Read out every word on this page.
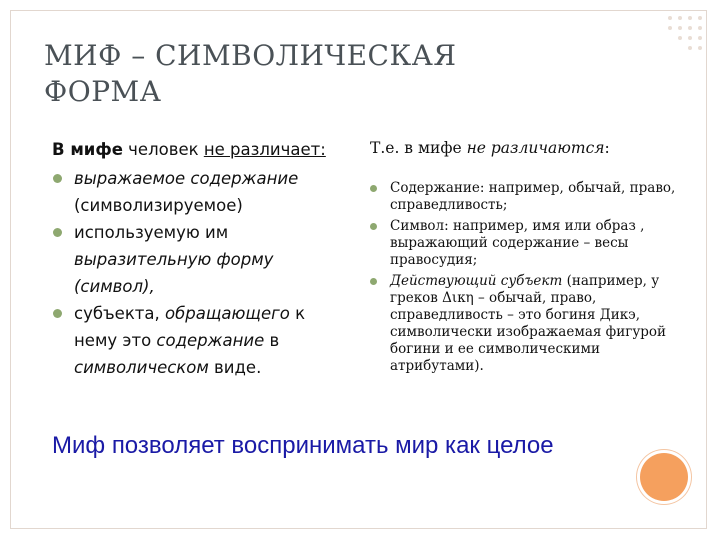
МИФ – СИМВОЛИЧЕСКАЯ
ФОРМА

В мифе человек не различает:

выражаемое содержание (символизируемое)
используемую им выразительную форму (символ),
субъекта, обращающего к нему это содержание в символическом виде.

Т.е. в мифе не различаются:

Содержание: например, обычай, право, справедливость;
Символ: например, имя или образ , выражающий содержание – весы правосудия;
Действующий субъект (например, у греков Δικη – обычай, право, справедливость – это богиня Дикэ, символически изображаемая фигурой богини и ее символическими атрибутами).
Миф позволяет воспринимать мир как целое
